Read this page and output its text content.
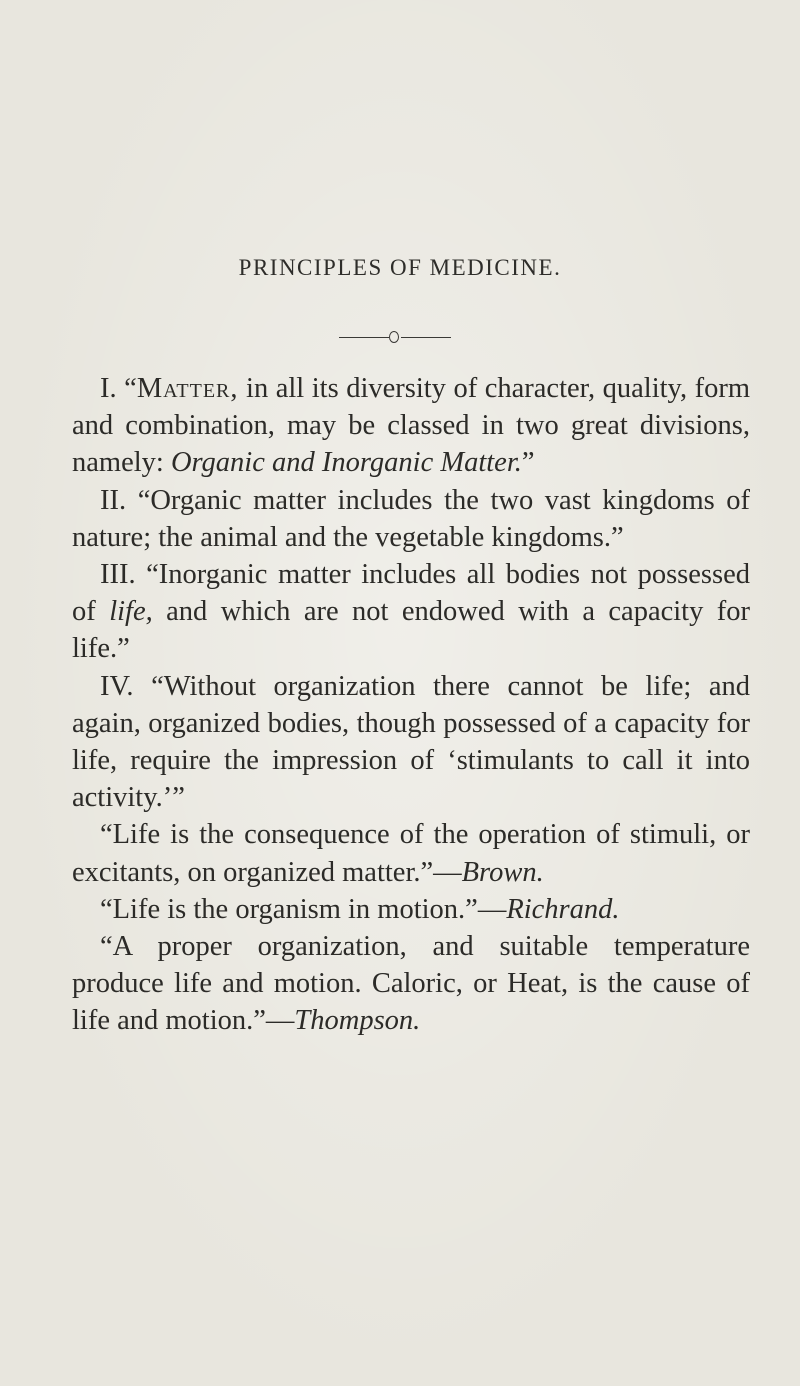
PRINCIPLES OF MEDICINE.

I. “Matter, in all its diversity of character, quality, form and combination, may be classed in two great divisions, namely: Organic and Inorganic Matter.”

II. “Organic matter includes the two vast kingdoms of nature; the animal and the vegetable kingdoms.”

III. “Inorganic matter includes all bodies not possessed of life, and which are not endowed with a capacity for life.”

IV. “Without organization there cannot be life; and again, organized bodies, though possessed of a capacity for life, require the impression of ‘stimulants to call it into activity.’”

“Life is the consequence of the operation of stimuli, or excitants, on organized matter.”—Brown.

“Life is the organism in motion.”—Richrand.

“A proper organization, and suitable temperature produce life and motion. Caloric, or Heat, is the cause of life and motion.”—Thompson.
